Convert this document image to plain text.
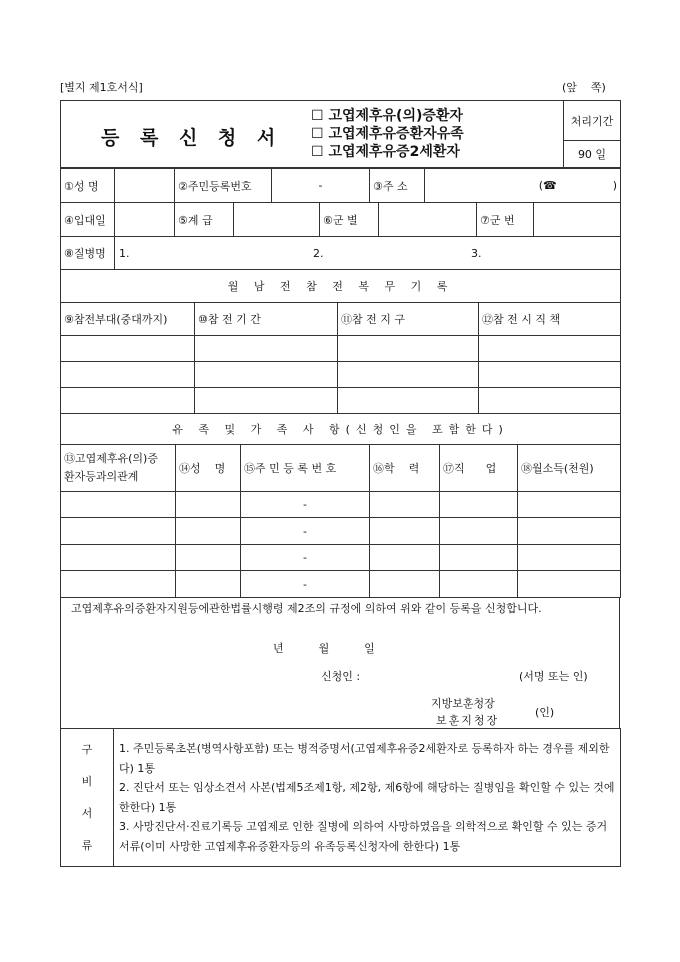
[별지 제1호서식]	(앞    쪽)
등 록 신 청 서
☐ 고엽제후유(의)증환자
☐ 고엽제후유증환자유족
☐ 고엽제후유증2세환자
	처리기간
90 일
①성 명		②주민등록번호	-	③주 소	(☎                )
④입대일		⑤계 급		⑥군 별		⑦군 번	
⑧질병명	1.	2.	3.
월 남 전 참 전 복 무 기 록			
⑨참전부대(중대까지)	⑩참 전 기 간	⑪참 전 지 구	⑫참 전 시 직 책

유 족 및 가 족 사 항(신청인을 포함한다)					
⑬고엽제후유(의)증 환자등과의관계	⑭성    명	⑮주 민 등 록 번 호	⑯학    력	⑰직      업	⑱월소득(천원)
		-			
		-			
		-			
		-			
고엽제후유의증환자지원등에관한법률시행령 제2조의 규정에 의하여 위와 같이 등록을 신청합니다.
년          월          일
신청인 :	(서명 또는 인)
지방보훈청장
보훈지청장
(인)
구
비
서
류

1. 주민등록초본(병역사항포함) 또는 병적증명서(고엽제후유증2세환자로 등록하자 하는 경우를 제외한다) 1통
2. 진단서 또는 임상소견서 사본(법제5조제1항, 제2항, 제6항에 해당하는 질병임을 확인할 수 있는 것에 한한다) 1통
3. 사망진단서·진료기록등 고엽제로 인한 질병에 의하여 사망하였음을 의학적으로 확인할 수 있는 증거서류(이미 사망한 고엽제후유증환자등의 유족등록신청자에 한한다) 1통
